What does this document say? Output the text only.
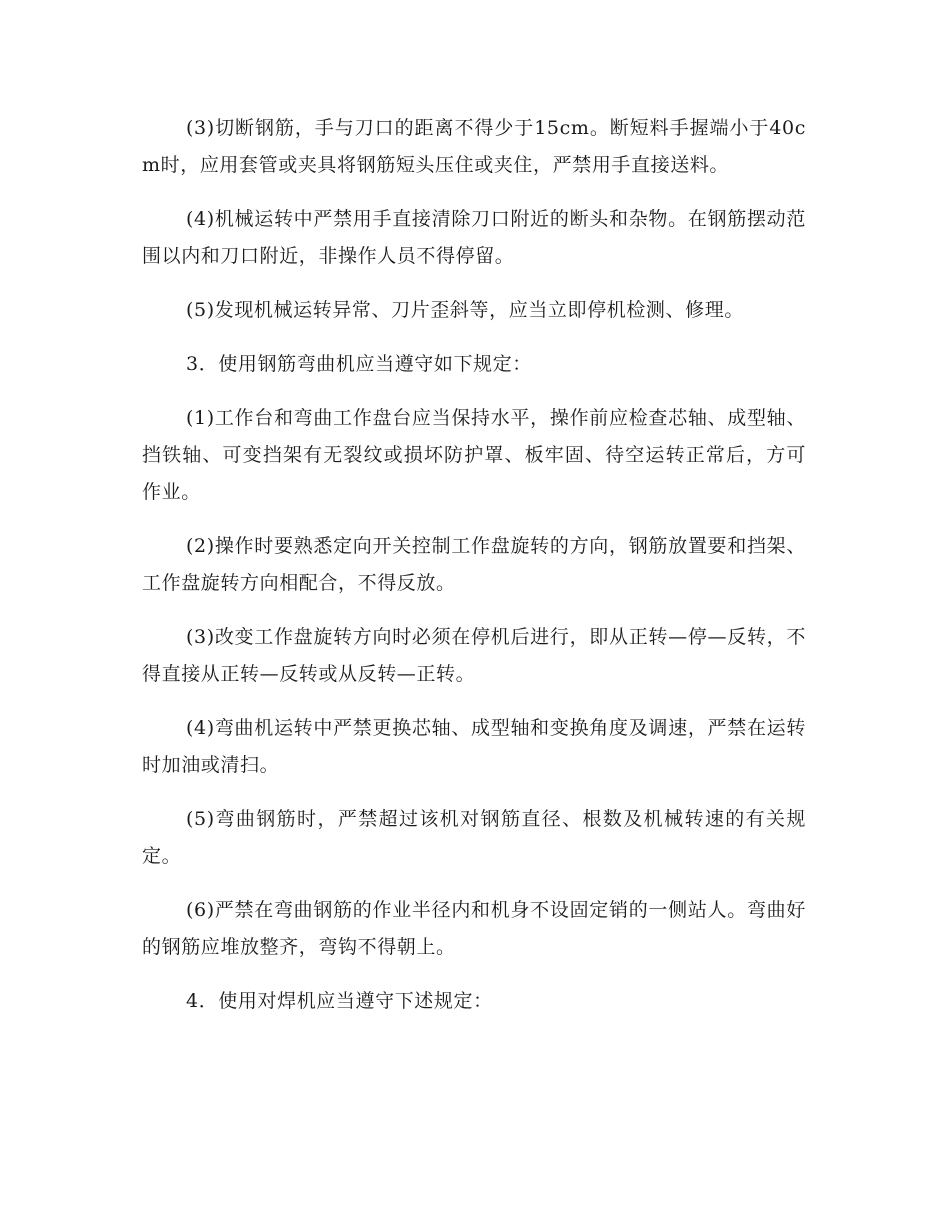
(3)切断钢筋，手与刀口的距离不得少于15cm。断短料手握端小于40cm时，应用套管或夹具将钢筋短头压住或夹住，严禁用手直接送料。

(4)机械运转中严禁用手直接清除刀口附近的断头和杂物。在钢筋摆动范围以内和刀口附近，非操作人员不得停留。

(5)发现机械运转异常、刀片歪斜等，应当立即停机检测、修理。

3．使用钢筋弯曲机应当遵守如下规定：

(1)工作台和弯曲工作盘台应当保持水平，操作前应检查芯轴、成型轴、挡铁轴、可变挡架有无裂纹或损坏防护罩、板牢固、待空运转正常后，方可作业。

(2)操作时要熟悉定向开关控制工作盘旋转的方向，钢筋放置要和挡架、工作盘旋转方向相配合，不得反放。

(3)改变工作盘旋转方向时必须在停机后进行，即从正转—停—反转，不得直接从正转—反转或从反转—正转。

(4)弯曲机运转中严禁更换芯轴、成型轴和变换角度及调速，严禁在运转时加油或清扫。

(5)弯曲钢筋时，严禁超过该机对钢筋直径、根数及机械转速的有关规定。

(6)严禁在弯曲钢筋的作业半径内和机身不设固定销的一侧站人。弯曲好的钢筋应堆放整齐，弯钩不得朝上。

4．使用对焊机应当遵守下述规定：
